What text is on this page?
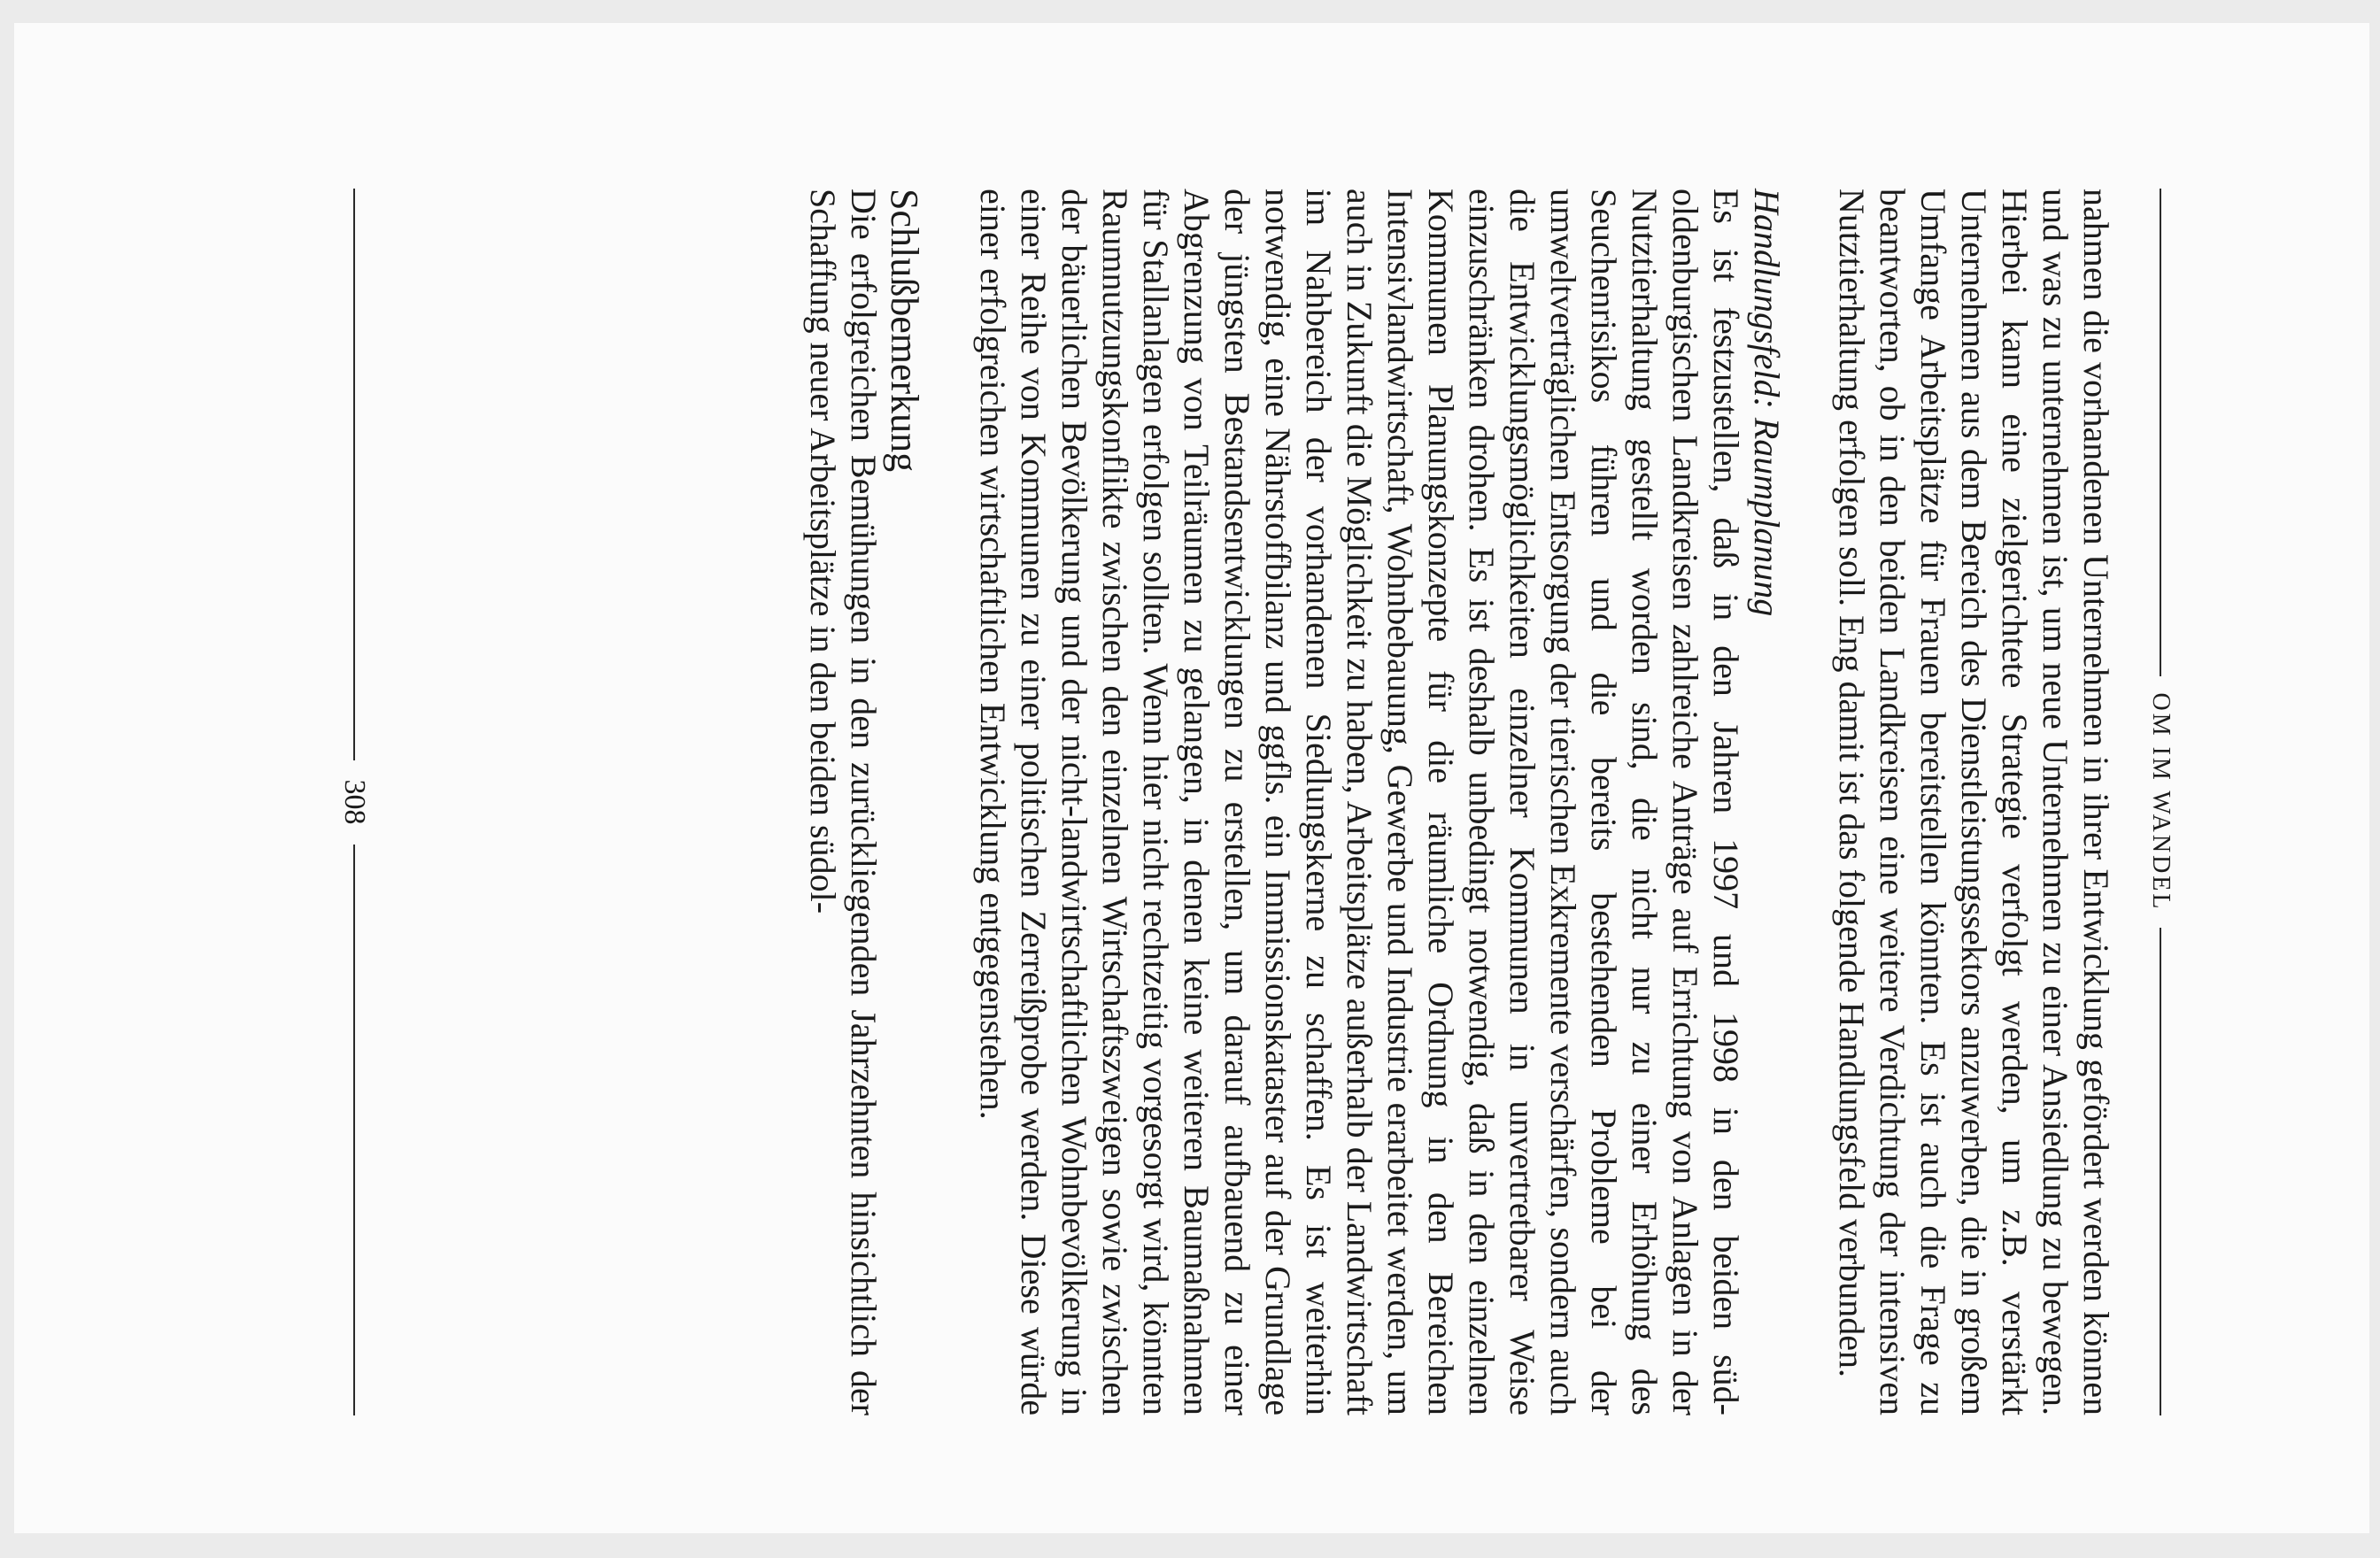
OM IM WANDEL

nahmen die vorhandenen Unternehmen in ihrer Entwicklung gefördert werden können und was zu unternehmen ist, um neue Unternehmen zu einer Ansiedlung zu bewegen. Hierbei kann eine zielgerichtete Strategie verfolgt werden, um z.B. verstärkt Unternehmen aus dem Bereich des Dienstleistungssektors anzuwerben, die in großem Umfange Arbeitsplätze für Frauen bereitstellen könnten. Es ist auch die Frage zu beantworten, ob in den beiden Landkreisen eine weitere Verdichtung der intensiven Nutztierhaltung erfolgen soll. Eng damit ist das folgende Handlungsfeld verbunden.

Handlungsfeld: Raumplanung

Es ist festzustellen, daß in den Jahren 1997 und 1998 in den beiden südoldenburgischen Landkreisen zahlreiche Anträge auf Errichtung von Anlagen in der Nutztierhaltung gestellt worden sind, die nicht nur zu einer Erhöhung des Seuchenrisikos führen und die bereits bestehenden Probleme bei der umweltverträglichen Entsorgung der tierischen Exkremente verschärfen, sondern auch die Entwicklungsmöglichkeiten einzelner Kommunen in unvertretbarer Weise einzuschränken drohen. Es ist deshalb unbedingt notwendig, daß in den einzelnen Kommunen Planungskonzepte für die räumliche Ordnung in den Bereichen Intensivlandwirtschaft, Wohnbebauung, Gewerbe und Industrie erarbeitet werden, um auch in Zukunft die Möglichkeit zu haben, Arbeitsplätze außerhalb der Landwirtschaft im Nahbereich der vorhandenen Siedlungskerne zu schaffen. Es ist weiterhin notwendig, eine Nährstoffbilanz und ggfls. ein Immissionskataster auf der Grundlage der jüngsten Bestandsentwicklungen zu erstellen, um darauf aufbauend zu einer Abgrenzung von Teilräumen zu gelangen, in denen keine weiteren Baumaßnahmen für Stallanlagen erfolgen sollten. Wenn hier nicht rechtzeitig vorgesorgt wird, könnten Raumnutzungskonflikte zwischen den einzelnen Wirtschaftszweigen sowie zwischen der bäuerlichen Bevölkerung und der nicht-landwirtschaftlichen Wohnbevölkerung in einer Reihe von Kommunen zu einer politischen Zerreißprobe werden. Diese würde einer erfolgreichen wirtschaftlichen Entwicklung entgegenstehen.

Schlußbemerkung

Die erfolgreichen Bemühungen in den zurückliegenden Jahrzehnten hinsichtlich der Schaffung neuer Arbeitsplätze in den beiden südol-

308
